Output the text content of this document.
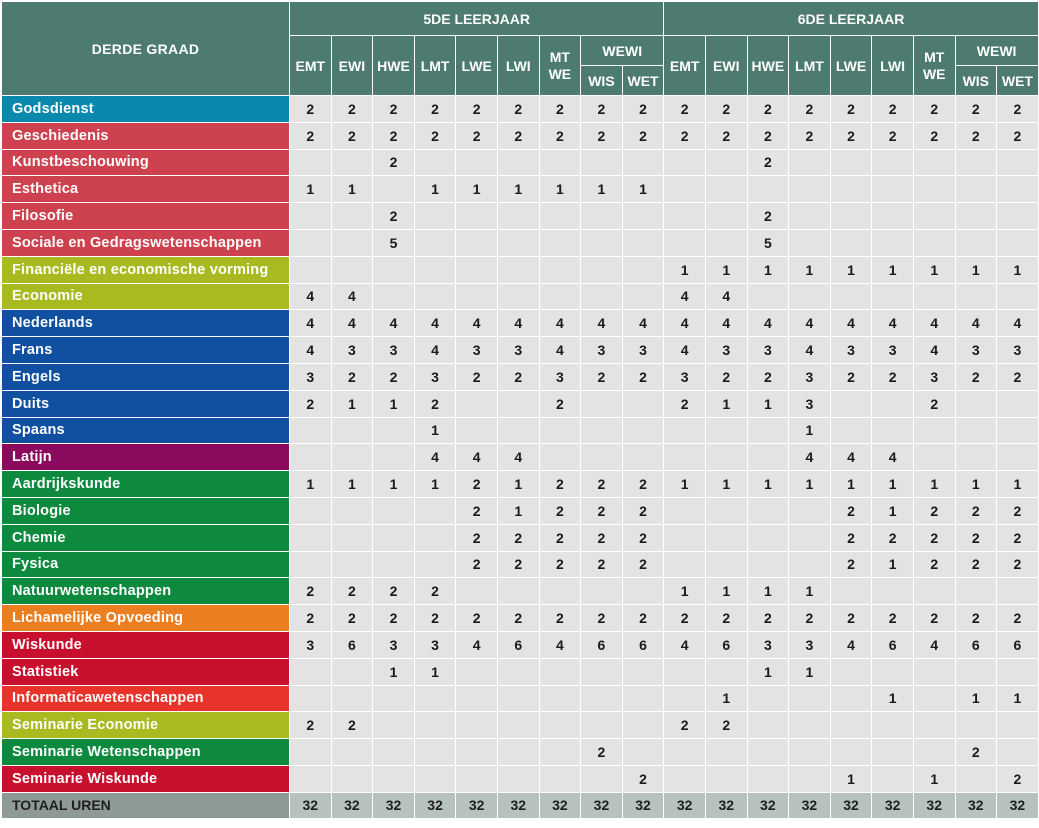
DERDE GRAAD	5DE LEERJAAR									6DE LEERJAAR								
	EMT	EWI	HWE	LMT	LWE	LWI	MT WE	WEWI		EMT	EWI	HWE	LMT	LWE	LWI	MT WE	WEWI	
								WIS	WET								WIS	WET
Godsdienst	2	2	2	2	2	2	2	2	2	2	2	2	2	2	2	2	2	2
Geschiedenis	2	2	2	2	2	2	2	2	2	2	2	2	2	2	2	2	2	2
Kunstbeschouwing			2									2						
Esthetica	1	1		1	1	1	1	1	1									
Filosofie			2									2						
Sociale en Gedragswetenschappen			5									5						
Financiële en economische vorming										1	1	1	1	1	1	1	1	1
Economie	4	4								4	4							
Nederlands	4	4	4	4	4	4	4	4	4	4	4	4	4	4	4	4	4	4
Frans	4	3	3	4	3	3	4	3	3	4	3	3	4	3	3	4	3	3
Engels	3	2	2	3	2	2	3	2	2	3	2	2	3	2	2	3	2	2
Duits	2	1	1	2			2			2	1	1	3			2		
Spaans				1									1					
Latijn				4	4	4							4	4	4			
Aardrijkskunde	1	1	1	1	2	1	2	2	2	1	1	1	1	1	1	1	1	1
Biologie					2	1	2	2	2					2	1	2	2	2
Chemie					2	2	2	2	2					2	2	2	2	2
Fysica					2	2	2	2	2					2	1	2	2	2
Natuurwetenschappen	2	2	2	2						1	1	1	1					
Lichamelijke Opvoeding	2	2	2	2	2	2	2	2	2	2	2	2	2	2	2	2	2	2
Wiskunde	3	6	3	3	4	6	4	6	6	4	6	3	3	4	6	4	6	6
Statistiek			1	1								1	1					
Informaticawetenschappen											1				1		1	1
Seminarie Economie	2	2								2	2							
Seminarie Wetenschappen								2									2	
Seminarie Wiskunde									2					1		1		2
TOTAAL UREN	32	32	32	32	32	32	32	32	32	32	32	32	32	32	32	32	32	32
